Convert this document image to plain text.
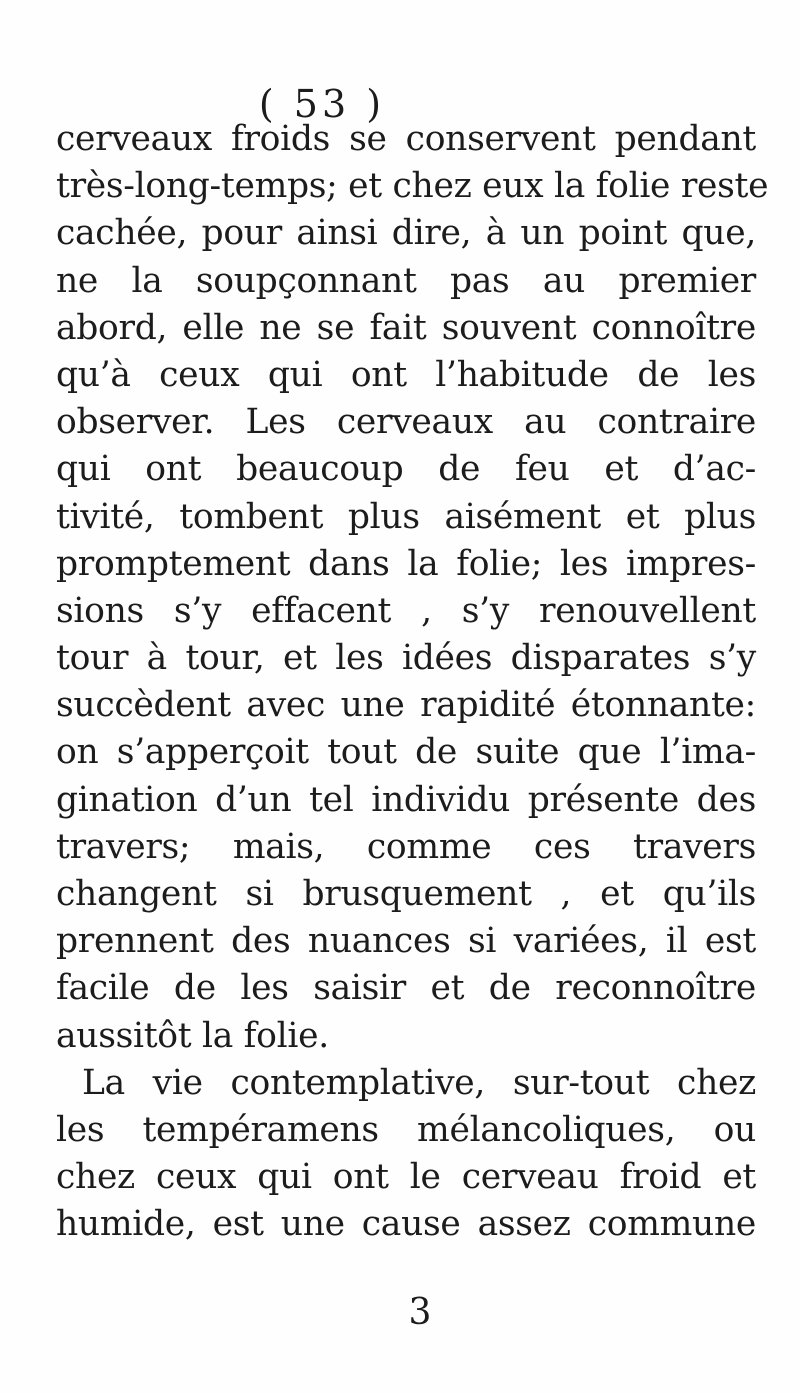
( 53 )
cerveaux froids se conservent pendant
très-long-temps; et chez eux la folie reste
cachée, pour ainsi dire, à un point que,
ne la soupçonnant pas au premier
abord, elle ne se fait souvent connoître
qu’à ceux qui ont l’habitude de les
observer. Les cerveaux au contraire
qui ont beaucoup de feu et d’ac-
tivité, tombent plus aisément et plus
promptement dans la folie; les impres-
sions s’y effacent , s’y renouvellent
tour à tour, et les idées disparates s’y
succèdent avec une rapidité étonnante:
on s’apperçoit tout de suite que l’ima-
gination d’un tel individu présente des
travers; mais, comme ces travers
changent si brusquement , et qu’ils
prennent des nuances si variées, il est
facile de les saisir et de reconnoître
aussitôt la folie.
La vie contemplative, sur-tout chez
les tempéramens mélancoliques, ou
chez ceux qui ont le cerveau froid et
humide, est une cause assez commune
3
